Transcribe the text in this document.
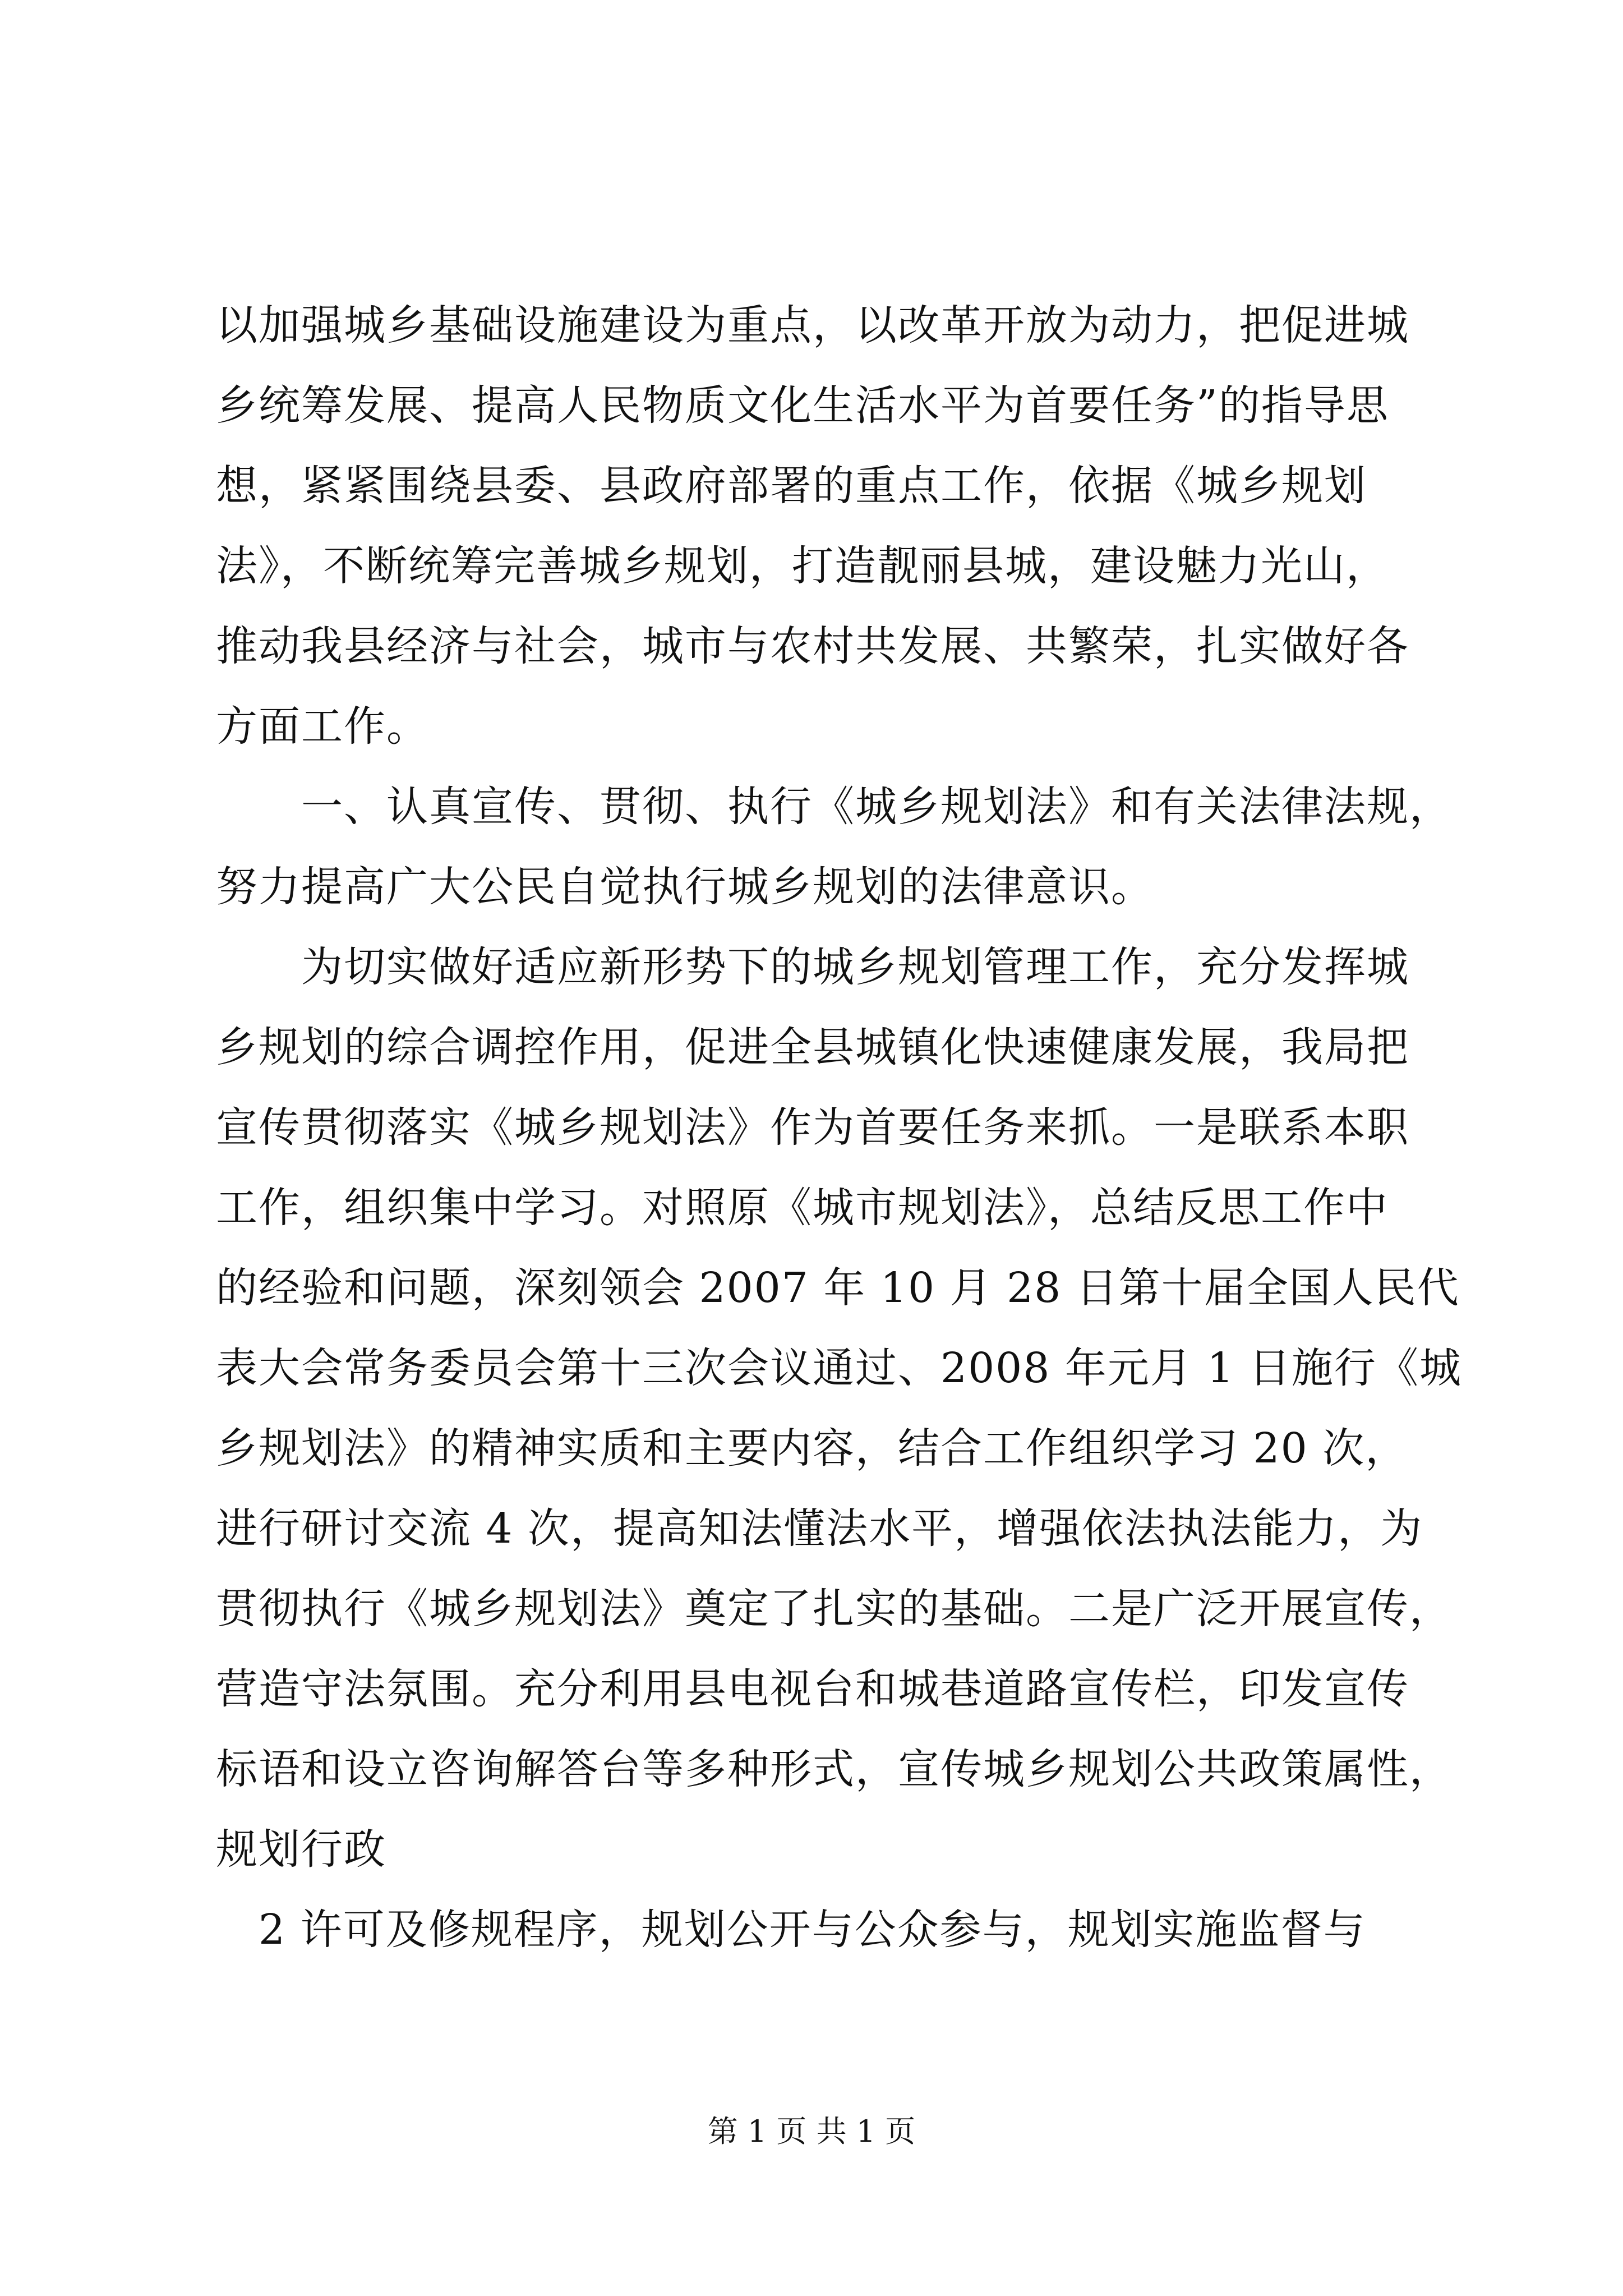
以加强城乡基础设施建设为重点，以改革开放为动力，把促进城
乡统筹发展、提高人民物质文化生活水平为首要任务”的指导思
想，紧紧围绕县委、县政府部署的重点工作，依据《城乡规划
法》，不断统筹完善城乡规划，打造靓丽县城，建设魅力光山，
推动我县经济与社会，城市与农村共发展、共繁荣，扎实做好各
方面工作。
　　一、认真宣传、贯彻、执行《城乡规划法》和有关法律法规，
努力提高广大公民自觉执行城乡规划的法律意识。
　　为切实做好适应新形势下的城乡规划管理工作，充分发挥城
乡规划的综合调控作用，促进全县城镇化快速健康发展，我局把
宣传贯彻落实《城乡规划法》作为首要任务来抓。一是联系本职
工作，组织集中学习。对照原《城市规划法》，总结反思工作中
的经验和问题，深刻领会 2007 年 10 月 28 日第十届全国人民代
表大会常务委员会第十三次会议通过、2008 年元月 1 日施行《城
乡规划法》的精神实质和主要内容，结合工作组织学习 20 次，
进行研讨交流 4 次，提高知法懂法水平，增强依法执法能力，为
贯彻执行《城乡规划法》奠定了扎实的基础。二是广泛开展宣传，
营造守法氛围。充分利用县电视台和城巷道路宣传栏，印发宣传
标语和设立咨询解答台等多种形式，宣传城乡规划公共政策属性，
规划行政
　2 许可及修规程序，规划公开与公众参与，规划实施监督与
第 1 页 共 1 页
